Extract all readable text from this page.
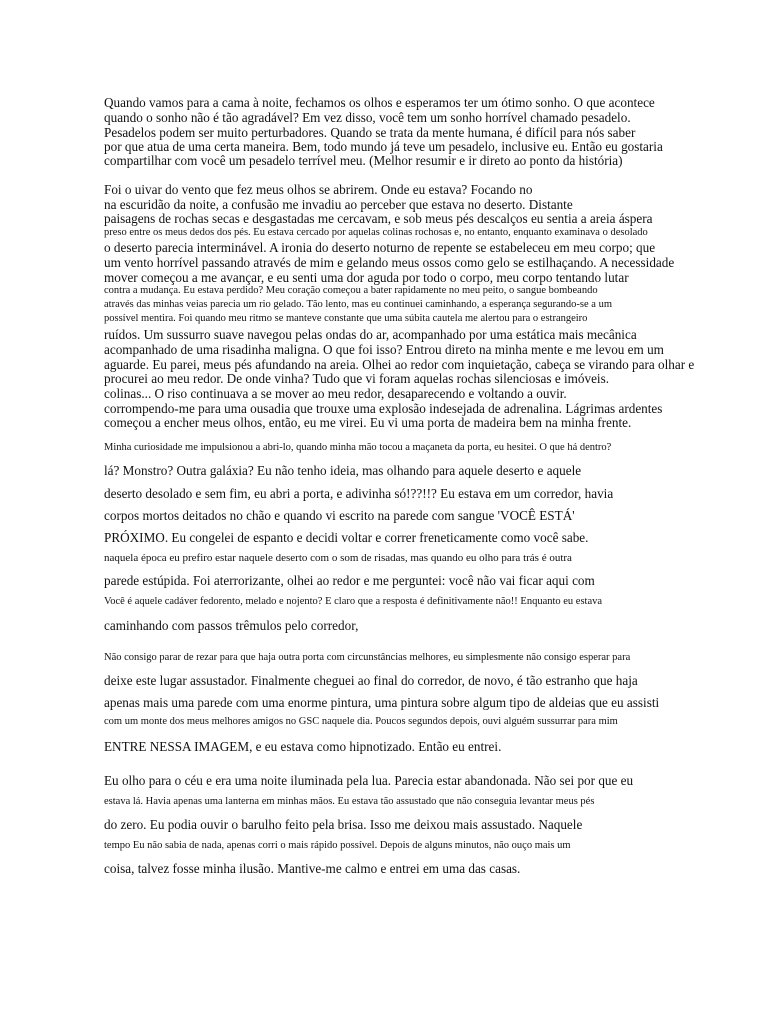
Quando vamos para a cama à noite, fechamos os olhos e esperamos ter um ótimo sonho. O que acontece
quando o sonho não é tão agradável? Em vez disso, você tem um sonho horrível chamado pesadelo.
Pesadelos podem ser muito perturbadores. Quando se trata da mente humana, é difícil para nós saber
por que atua de uma certa maneira. Bem, todo mundo já teve um pesadelo, inclusive eu. Então eu gostaria
compartilhar com você um pesadelo terrível meu. (Melhor resumir e ir direto ao ponto da história)
Foi o uivar do vento que fez meus olhos se abrirem. Onde eu estava? Focando no
na escuridão da noite, a confusão me invadiu ao perceber que estava no deserto. Distante
paisagens de rochas secas e desgastadas me cercavam, e sob meus pés descalços eu sentia a areia áspera
preso entre os meus dedos dos pés. Eu estava cercado por aquelas colinas rochosas e, no entanto, enquanto examinava o desolado
o deserto parecia interminável. A ironia do deserto noturno de repente se estabeleceu em meu corpo; que
um vento horrível passando através de mim e gelando meus ossos como gelo se estilhaçando. A necessidade
mover começou a me avançar, e eu senti uma dor aguda por todo o corpo, meu corpo tentando lutar
contra a mudança. Eu estava perdido? Meu coração começou a bater rapidamente no meu peito, o sangue bombeando
através das minhas veias parecia um rio gelado. Tão lento, mas eu continuei caminhando, a esperança segurando-se a um
possível mentira. Foi quando meu ritmo se manteve constante que uma súbita cautela me alertou para o estrangeiro
ruídos. Um sussurro suave navegou pelas ondas do ar, acompanhado por uma estática mais mecânica
acompanhado de uma risadinha maligna. O que foi isso? Entrou direto na minha mente e me levou em um
aguarde. Eu parei, meus pés afundando na areia. Olhei ao redor com inquietação, cabeça se virando para olhar e
procurei ao meu redor. De onde vinha? Tudo que vi foram aquelas rochas silenciosas e imóveis.
colinas... O riso continuava a se mover ao meu redor, desaparecendo e voltando a ouvir.
corrompendo-me para uma ousadia que trouxe uma explosão indesejada de adrenalina. Lágrimas ardentes
começou a encher meus olhos, então, eu me virei. Eu vi uma porta de madeira bem na minha frente.
Minha curiosidade me impulsionou a abri-lo, quando minha mão tocou a maçaneta da porta, eu hesitei. O que há dentro?
lá? Monstro? Outra galáxia? Eu não tenho ideia, mas olhando para aquele deserto e aquele
deserto desolado e sem fim, eu abri a porta, e adivinha só!??!!? Eu estava em um corredor, havia
corpos mortos deitados no chão e quando vi escrito na parede com sangue 'VOCÊ ESTÁ'
PRÓXIMO. Eu congelei de espanto e decidi voltar e correr freneticamente como você sabe.
naquela época eu prefiro estar naquele deserto com o som de risadas, mas quando eu olho para trás é outra
parede estúpida. Foi aterrorizante, olhei ao redor e me perguntei: você não vai ficar aqui com
Você é aquele cadáver fedorento, melado e nojento? E claro que a resposta é definitivamente não!! Enquanto eu estava
caminhando com passos trêmulos pelo corredor,
Não consigo parar de rezar para que haja outra porta com circunstâncias melhores, eu simplesmente não consigo esperar para
deixe este lugar assustador. Finalmente cheguei ao final do corredor, de novo, é tão estranho que haja
apenas mais uma parede com uma enorme pintura, uma pintura sobre algum tipo de aldeias que eu assisti
com um monte dos meus melhores amigos no GSC naquele dia. Poucos segundos depois, ouvi alguém sussurrar para mim
ENTRE NESSA IMAGEM, e eu estava como hipnotizado. Então eu entrei.
Eu olho para o céu e era uma noite iluminada pela lua. Parecia estar abandonada. Não sei por que eu
estava lá. Havia apenas uma lanterna em minhas mãos. Eu estava tão assustado que não conseguia levantar meus pés
do zero. Eu podia ouvir o barulho feito pela brisa. Isso me deixou mais assustado. Naquele
tempo Eu não sabia de nada, apenas corri o mais rápido possível. Depois de alguns minutos, não ouço mais um
coisa, talvez fosse minha ilusão. Mantive-me calmo e entrei em uma das casas.
